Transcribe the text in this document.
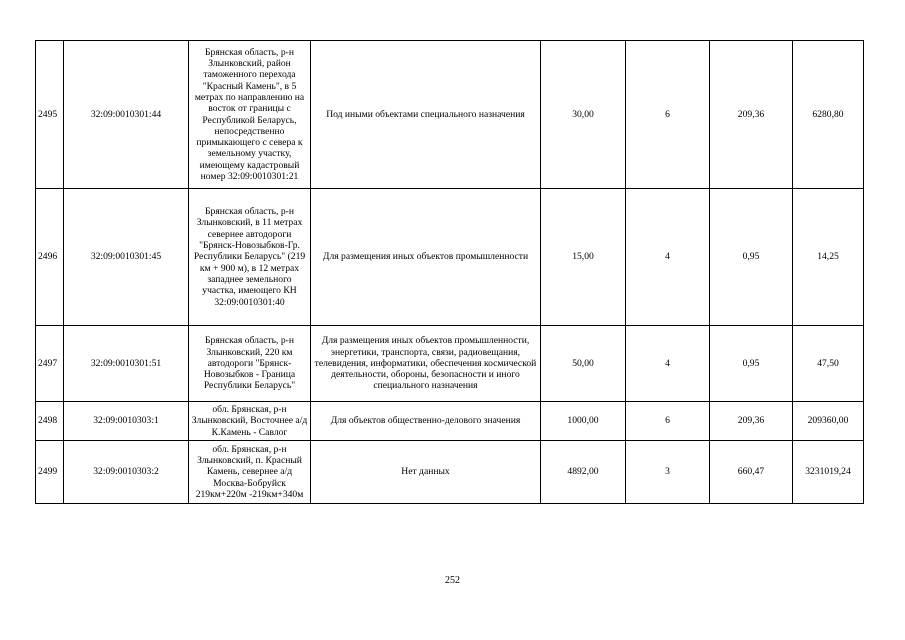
2495	32:09:0010301:44	Брянская область, р-н Злынковский, район таможенного перехода "Красный Камень", в 5 метрах по направлению на восток от границы с Республикой Беларусь, непосредственно примыкающего с севера к земельному участку, имеющему кадастровый номер 32:09:0010301:21	Под иными объектами специального назначения	30,00	6	209,36	6280,80
2496	32:09:0010301:45	Брянская область, р-н Злынковский, в 11 метрах севернее автодороги "Брянск-Новозыбков-Гр. Республики Беларусь" (219 км + 900 м), в 12 метрах западнее земельного участка, имеющего КН 32:09:0010301:40	Для размещения иных объектов промышленности	15,00	4	0,95	14,25
2497	32:09:0010301:51	Брянская область, р-н Злынковский, 220 км автодороги "Брянск-Новозыбков - Граница Республики Беларусь"	Для размещения иных объектов промышленности, энергетики, транспорта, связи, радиовещания, телевидения, информатики, обеспечения космической деятельности, обороны, безопасности и иного специального назначения	50,00	4	0,95	47,50
2498	32:09:0010303:1	обл. Брянская, р-н Злынковский, Восточнее а/д К.Камень - Савлог	Для объектов общественно-делового значения	1000,00	6	209,36	209360,00
2499	32:09:0010303:2	обл. Брянская, р-н Злынковский, п. Красный Камень, севернее а/д Москва-Бобруйск 219км+220м -219км+340м	Нет данных	4892,00	3	660,47	3231019,24
252
